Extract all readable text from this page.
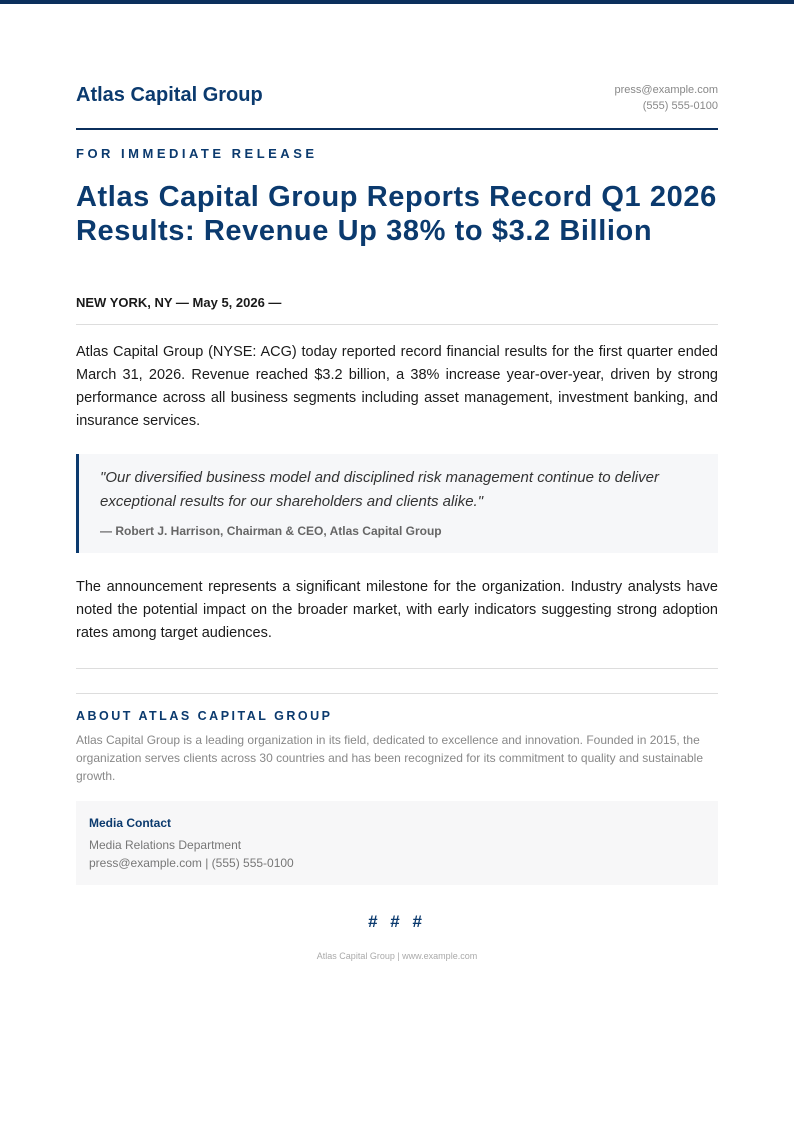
Atlas Capital Group	press@example.com
(555) 555-0100
FOR IMMEDIATE RELEASE
Atlas Capital Group Reports Record Q1 2026 Results: Revenue Up 38% to $3.2 Billion
NEW YORK, NY — May 5, 2026 —

Atlas Capital Group (NYSE: ACG) today reported record financial results for the first quarter ended March 31, 2026. Revenue reached $3.2 billion, a 38% increase year-over-year, driven by strong performance across all business segments including asset management, investment banking, and insurance services.

"Our diversified business model and disciplined risk management continue to deliver exceptional results for our shareholders and clients alike."

— Robert J. Harrison, Chairman & CEO, Atlas Capital Group

The announcement represents a significant milestone for the organization. Industry analysts have noted the potential impact on the broader market, with early indicators suggesting strong adoption rates among target audiences.

ABOUT ATLAS CAPITAL GROUP

Atlas Capital Group is a leading organization in its field, dedicated to excellence and innovation. Founded in 2015, the organization serves clients across 30 countries and has been recognized for its commitment to quality and sustainable growth.

Media Contact
Media Relations Department
press@example.com | (555) 555-0100
# # #
Atlas Capital Group | www.example.com
